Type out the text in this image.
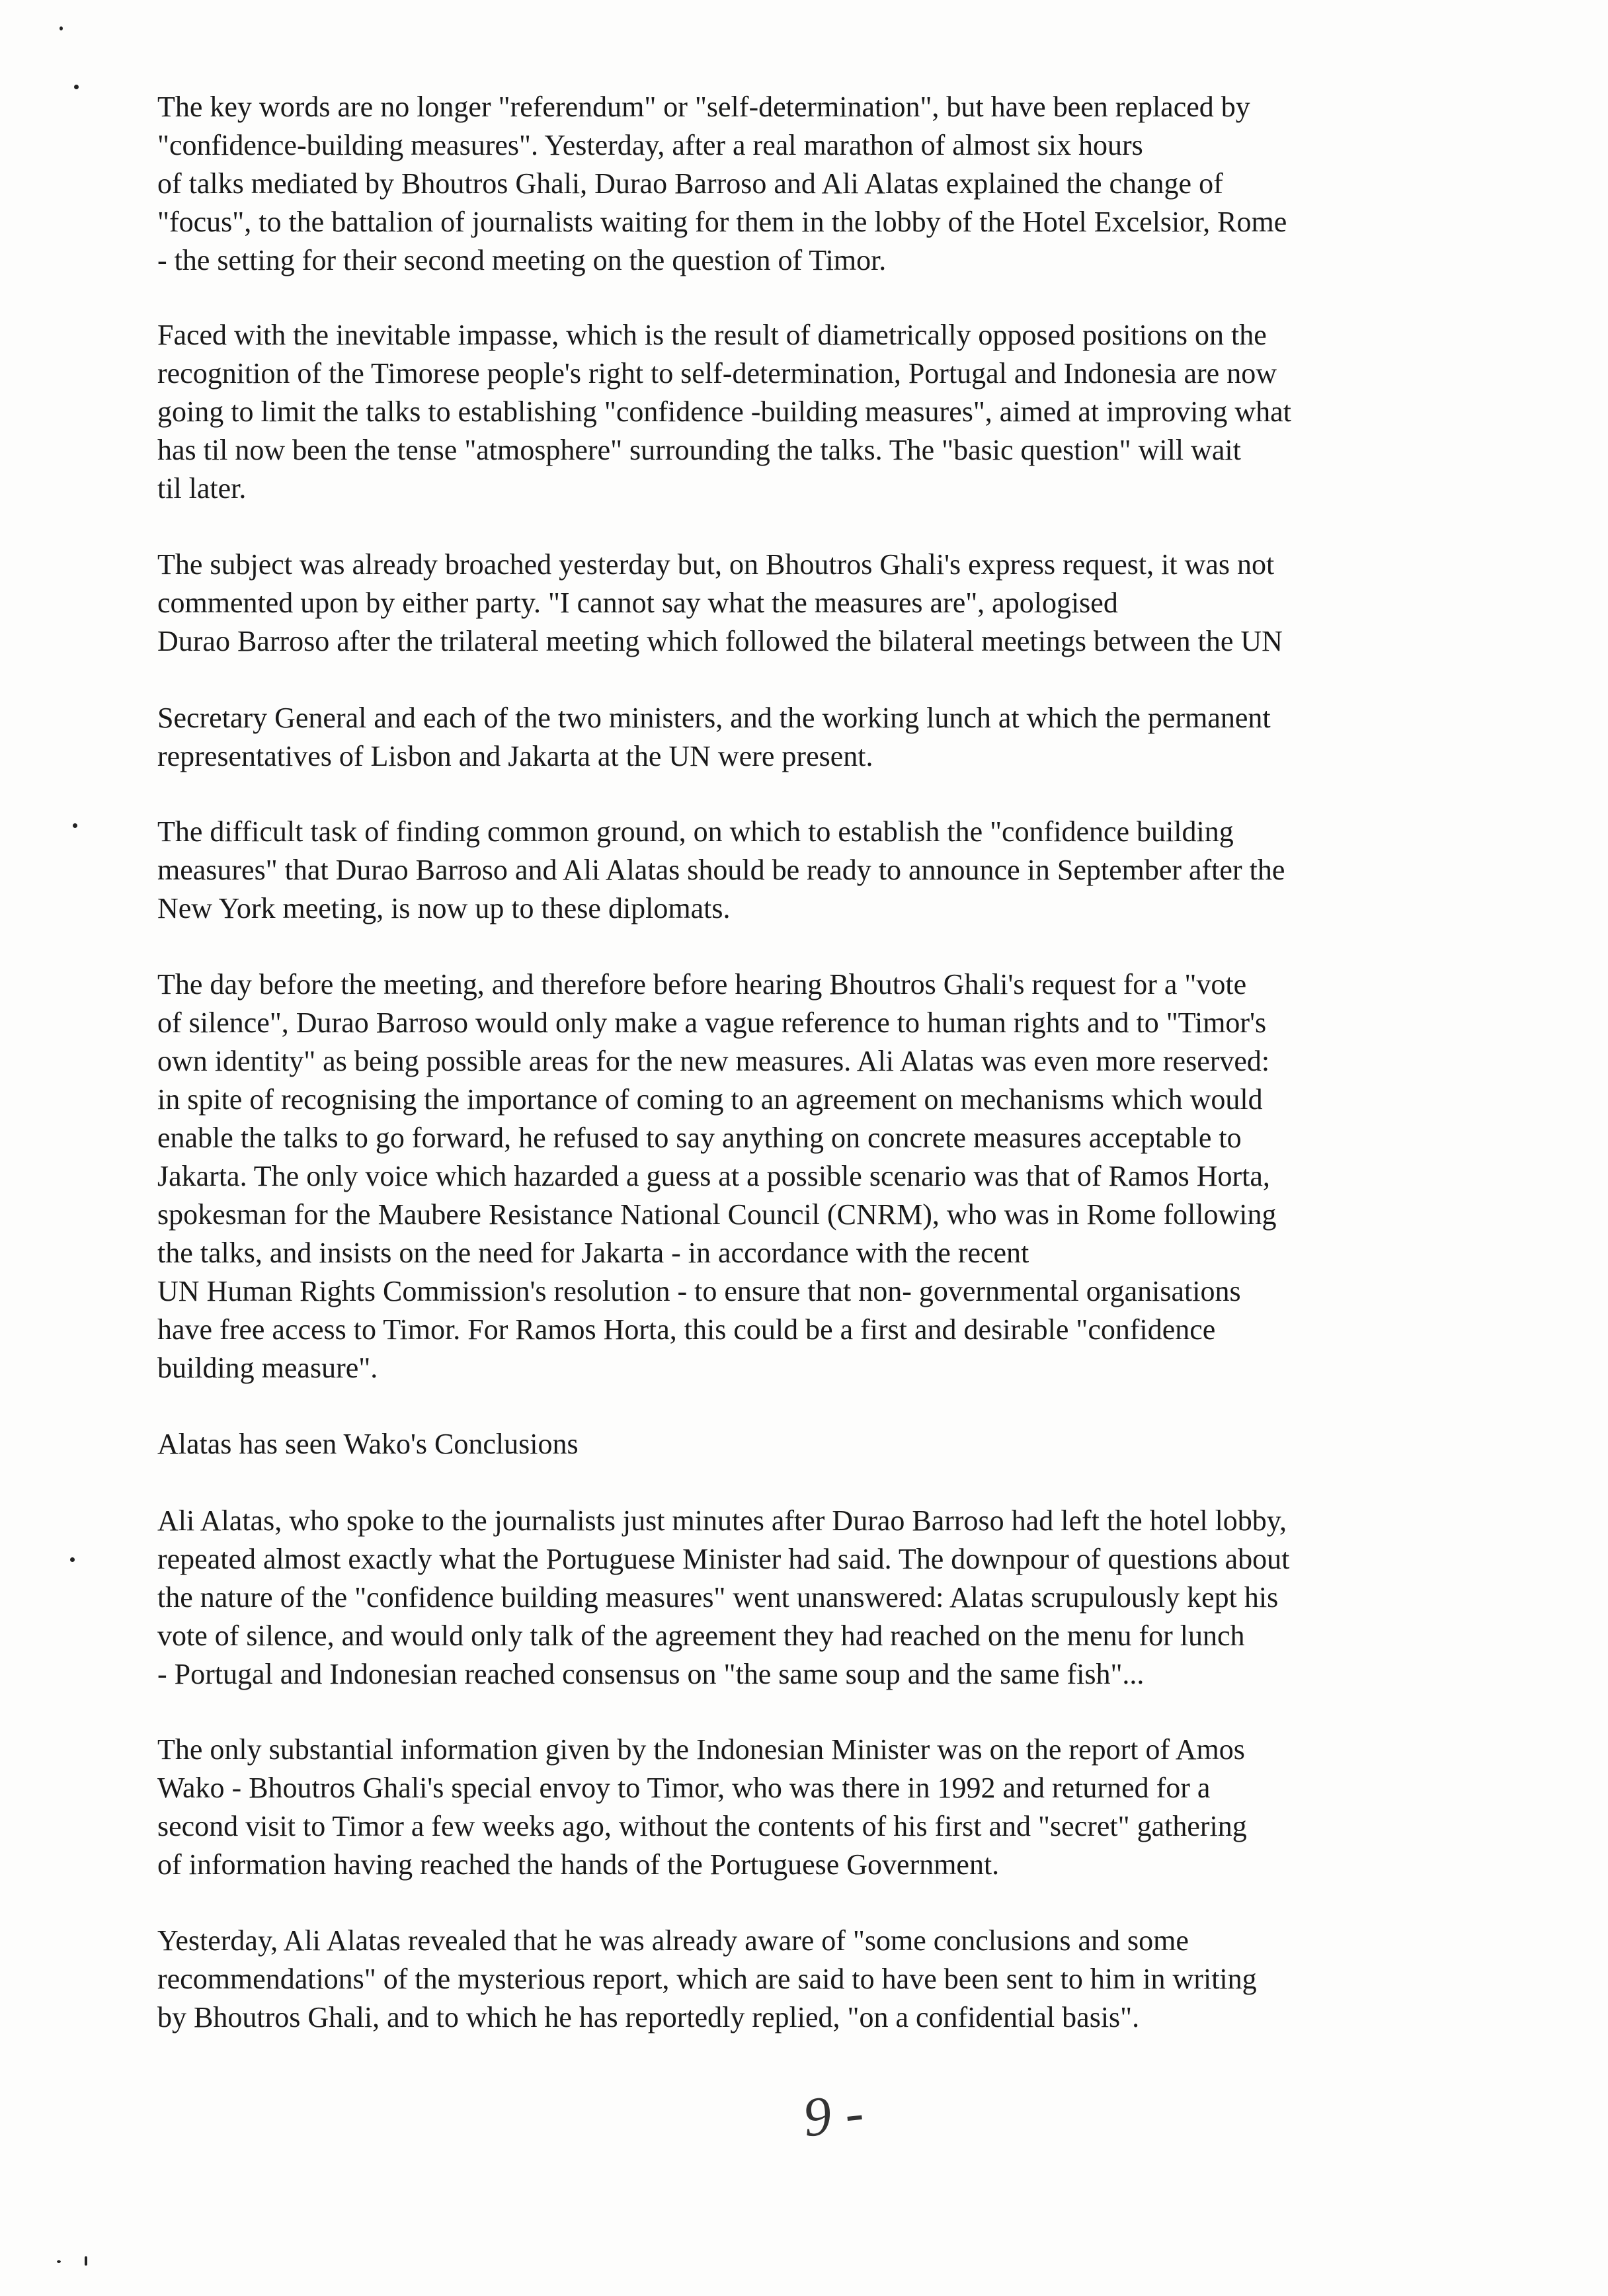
The key words are no longer "referendum" or "self-determination", but have been replaced by
"confidence-building measures". Yesterday, after a real marathon of almost six hours
of talks mediated by Bhoutros Ghali, Durao Barroso and Ali Alatas explained the change of
"focus", to the battalion of journalists waiting for them in the lobby of the Hotel Excelsior, Rome
- the setting for their second meeting on the question of Timor.
Faced with the inevitable impasse, which is the result of diametrically opposed positions on the
recognition of the Timorese people's right to self-determination, Portugal and Indonesia are now
going to limit the talks to establishing "confidence -building measures", aimed at improving what
has til now been the tense "atmosphere" surrounding the talks. The "basic question" will wait
til later.
The subject was already broached yesterday but, on Bhoutros Ghali's express request, it was not
commented upon by either party. "I cannot say what the measures are", apologised
Durao Barroso after the trilateral meeting which followed the bilateral meetings between the UN
Secretary General and each of the two ministers, and the working lunch at which the permanent
representatives of Lisbon and Jakarta at the UN were present.
The difficult task of finding common ground, on which to establish the "confidence building
measures" that Durao Barroso and Ali Alatas should be ready to announce in September after the
New York meeting, is now up to these diplomats.
The day before the meeting, and therefore before hearing Bhoutros Ghali's request for a "vote
of silence", Durao Barroso would only make a vague reference to human rights and to "Timor's
own identity" as being possible areas for the new measures. Ali Alatas was even more reserved:
in spite of recognising the importance of coming to an agreement on mechanisms which would
enable the talks to go forward, he refused to say anything on concrete measures acceptable to
Jakarta. The only voice which hazarded a guess at a possible scenario was that of Ramos Horta,
spokesman for the Maubere Resistance National Council (CNRM), who was in Rome following
the talks, and insists on the need for Jakarta - in accordance with the recent
UN Human Rights Commission's resolution - to ensure that non- governmental organisations
have free access to Timor. For Ramos Horta, this could be a first and desirable "confidence
building measure".
Alatas has seen Wako's Conclusions
Ali Alatas, who spoke to the journalists just minutes after Durao Barroso had left the hotel lobby,
repeated almost exactly what the Portuguese Minister had said. The downpour of questions about
the nature of the "confidence building measures" went unanswered: Alatas scrupulously kept his
vote of silence, and would only talk of the agreement they had reached on the menu for lunch
- Portugal and Indonesian reached consensus on "the same soup and the same fish"...
The only substantial information given by the Indonesian Minister was on the report of Amos
Wako - Bhoutros Ghali's special envoy to Timor, who was there in 1992 and returned for a
second visit to Timor a few weeks ago, without the contents of his first and "secret" gathering
of information having reached the hands of the Portuguese Government.
Yesterday, Ali Alatas revealed that he was already aware of "some conclusions and some
recommendations" of the mysterious report, which are said to have been sent to him in writing
by Bhoutros Ghali, and to which he has reportedly replied, "on a confidential basis".
9 -
